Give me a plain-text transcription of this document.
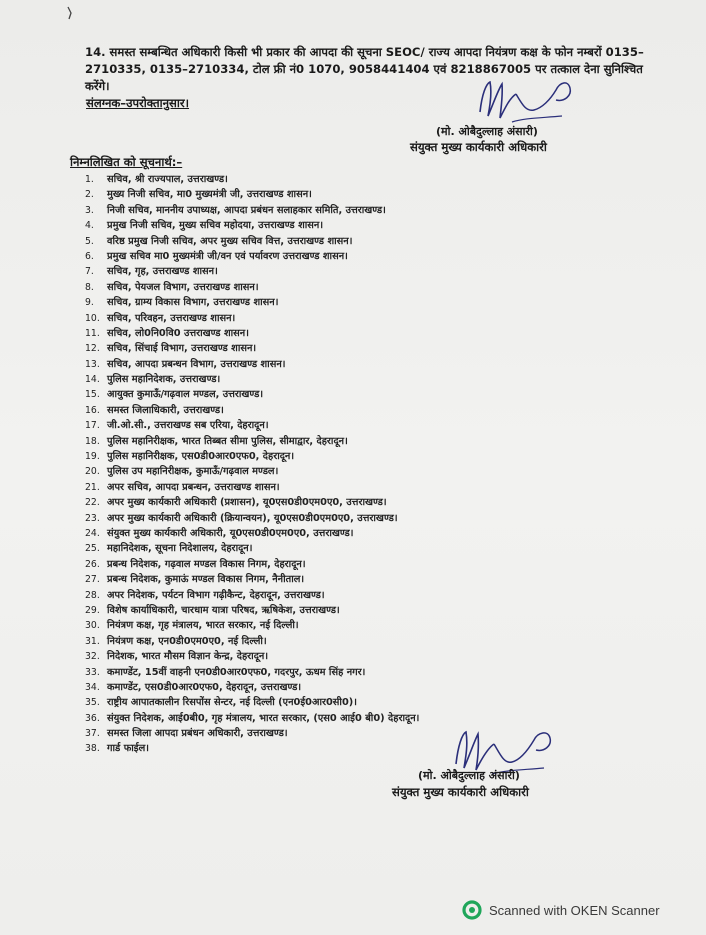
14. समस्त सम्बन्धित अधिकारी किसी भी प्रकार की आपदा की सूचना SEOC/ राज्य आपदा नियंत्रण कक्ष के फोन नम्बरों 0135–2710335, 0135–2710334, टोल फ्री नं0 1070, 9058441404 एवं 8218867005 पर तत्काल देना सुनिश्चित करेंगे।
संलग्नक–उपरोक्तानुसार।
(मो. ओबैदुल्लाह अंसारी)
संयुक्त मुख्य कार्यकारी अधिकारी
निम्नलिखित को सूचनार्थ:–
1. सचिव, श्री राज्यपाल, उत्तराखण्ड।
2. मुख्य निजी सचिव, मा0 मुख्यमंत्री जी, उत्तराखण्ड शासन।
3. निजी सचिव, माननीय उपाध्यक्ष, आपदा प्रबंधन सलाहकार समिति, उत्तराखण्ड।
4. प्रमुख निजी सचिव, मुख्य सचिव महोदया, उत्तराखण्ड शासन।
5. वरिष्ठ प्रमुख निजी सचिव, अपर मुख्य सचिव वित्त, उत्तराखण्ड शासन।
6. प्रमुख सचिव मा0 मुख्यमंत्री जी/वन एवं पर्यावरण उत्तराखण्ड शासन।
7. सचिव, गृह, उत्तराखण्ड शासन।
8. सचिव, पेयजल विभाग, उत्तराखण्ड शासन।
9. सचिव, ग्राम्य विकास विभाग, उत्तराखण्ड शासन।
10. सचिव, परिवहन, उत्तराखण्ड शासन।
11. सचिव, लो0नि0वि0 उत्तराखण्ड शासन।
12. सचिव, सिंचाई विभाग, उत्तराखण्ड शासन।
13. सचिव, आपदा प्रबन्धन विभाग, उत्तराखण्ड शासन।
14. पुलिस महानिदेशक, उत्तराखण्ड।
15. आयुक्त कुमाऊँ/गढ़वाल मण्डल, उत्तराखण्ड।
16. समस्त जिलाधिकारी, उत्तराखण्ड।
17. जी.ओ.सी., उत्तराखण्ड सब एरिया, देहरादून।
18. पुलिस महानिरीक्षक, भारत तिब्बत सीमा पुलिस, सीमाद्वार, देहरादून।
19. पुलिस महानिरीक्षक, एस0डी0आर0एफ0, देहरादून।
20. पुलिस उप महानिरीक्षक, कुमाऊँ/गढ़वाल मण्डल।
21. अपर सचिव, आपदा प्रबन्धन, उत्तराखण्ड शासन।
22. अपर मुख्य कार्यकारी अधिकारी (प्रशासन), यू0एस0डी0एम0ए0, उत्तराखण्ड।
23. अपर मुख्य कार्यकारी अधिकारी (क्रियान्वयन), यू0एस0डी0एम0ए0, उत्तराखण्ड।
24. संयुक्त मुख्य कार्यकारी अधिकारी, यू0एस0डी0एम0ए0, उत्तराखण्ड।
25. महानिदेशक, सूचना निदेशालय, देहरादून।
26. प्रबन्ध निदेशक, गढ़वाल मण्डल विकास निगम, देहरादून।
27. प्रबन्ध निदेशक, कुमाऊं मण्डल विकास निगम, नैनीताल।
28. अपर निदेशक, पर्यटन विभाग गढ़ीकैन्ट, देहरादून, उत्तराखण्ड।
29. विशेष कार्याधिकारी, चारधाम यात्रा परिषद, ऋषिकेश, उत्तराखण्ड।
30. नियंत्रण कक्ष, गृह मंत्रालय, भारत सरकार, नई दिल्ली।
31. नियंत्रण कक्ष, एन0डी0एम0ए0, नई दिल्ली।
32. निदेशक, भारत मौसम विज्ञान केन्द्र, देहरादून।
33. कमाण्डेंट, 15वीं वाहनी एन0डी0आर0एफ0, गदरपुर, ऊधम सिंह नगर।
34. कमाण्डेंट, एस0डी0आर0एफ0, देहरादून, उत्तराखण्ड।
35. राष्ट्रीय आपातकालीन रिसपोंस सेन्टर, नई दिल्ली (एन0ई0आर0सी0)।
36. संयुक्त निदेशक, आई0बी0, गृह मंत्रालय, भारत सरकार, (एस0 आई0 बी0) देहरादून।
37. समस्त जिला आपदा प्रबंधन अधिकारी, उत्तराखण्ड।
38. गार्ड फाईल।
(मो. ओबैदुल्लाह अंसारी)
संयुक्त मुख्य कार्यकारी अधिकारी
Scanned with OKEN Scanner
